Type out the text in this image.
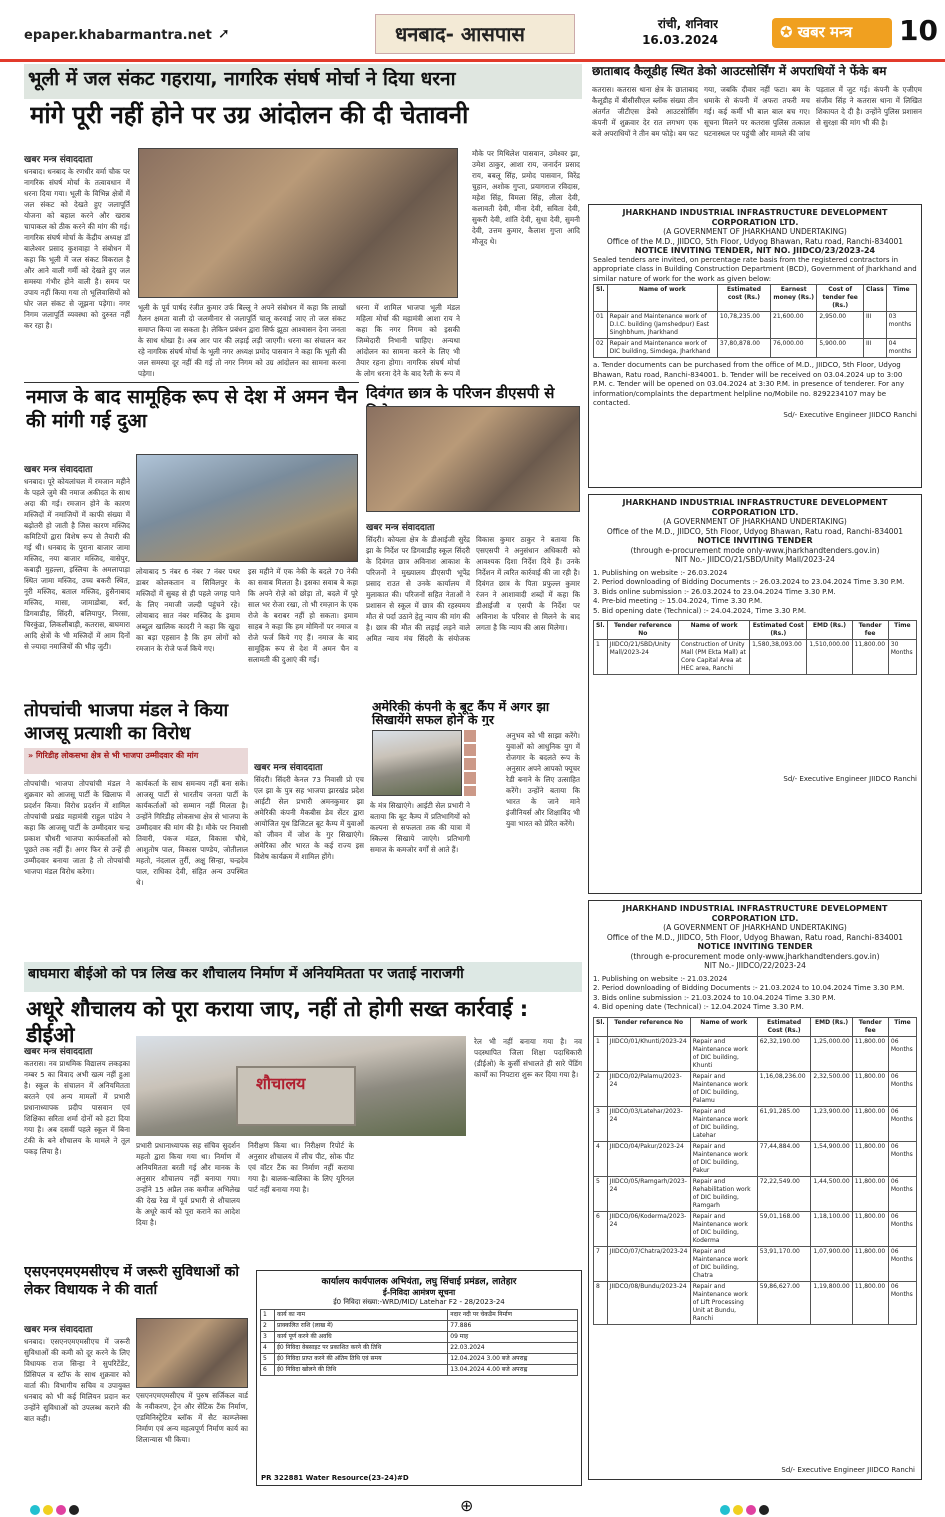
epaper.khabarmantra.net ➚	धनबाद- आसपास	रांची, शनिवार
16.03.2024	✪ खबर मन्त्र	10
भूली में जल संकट गहराया, नागरिक संघर्ष मोर्चा ने दिया धरना
मांगे पूरी नहीं होने पर उग्र आंदोलन की दी चेतावनी
खबर मन्त्र संवाददाता
धनबाद। धनबाद के रणधीर वर्मा चौक पर नागरिक संघर्ष मोर्चा के तत्वावधान में धरना दिया गया। भूली के विभिन्न क्षेत्रों में जल संकट को देखते हुए जलापूर्ति योजना को बहाल करने और खराब चापाकल को ठीक करने की मांग की गई। नागरिक संघर्ष मोर्चा के केंद्रीय अध्यक्ष डॉ बालेश्वर प्रसाद कुशवाहा ने संबोधन में कहा कि भूली में जल संकट विकराल है और आने वाली गर्मी को देखते हुए जल समस्या गंभीर होने वाली है। समय पर उपाय नहीं किया गया तो भूलिवासियों को घोर जल संकट से जूझना पड़ेगा। नगर निगम जलापूर्ति व्यवस्था को दुरुस्त नहीं कर रहा है।
भूली के पूर्व पार्षद रंजीत कुमार उर्फ बिल्लू ने अपने संबोधन में कहा कि लाखों गैलन क्षमता वाली दो जलमीनार से जलापूर्ति चालू करवाई जाए तो जल संकट समाप्त किया जा सकता है। लेकिन प्रबंधन द्वारा सिर्फ झूठा आश्वासन देना जनता के साथ धोखा है। अब आर पार की लड़ाई लड़ी जाएगी। धरना का संचालन कर रहे नागरिक संघर्ष मोर्चा के भूली नगर अध्यक्ष प्रमोद पासवान ने कहा कि भूली की जल समस्या दूर नहीं की गई तो नगर निगम को उग्र आंदोलन का सामना करना पड़ेगा।
धरना में शामिल भाजपा भूली मंडल महिला मोर्चा की महामंत्री आशा राय ने कहा कि नगर निगम को इसकी जिम्मेदारी निभानी चाहिए। अन्यथा आंदोलन का सामना करने के लिए भी तैयार रहना होगा। नागरिक संघर्ष मोर्चा के लोग धरना देने के बाद रैली के रूप में
मौके पर मिथिलेश पासवान, उमेश्वर झा, उमेश ठाकुर, आशा राय, जनार्दन प्रसाद राय, बबलू सिंह, प्रमोद पासवान, विरेंद्र चुहान, अशोक गुप्ता, प्रयागराज रविदास, महेश सिंह, विमला सिंह, लीला देवी, कलावती देवी, मीना देवी, सविता देवी, सुकरी देवी, शांति देवी, सुधा देवी, सुमनी देवी, उत्तम कुमार, कैलाश गुप्ता आदि मौजूद थे।
नमाज के बाद सामूहिक रूप से देश में अमन चैन की मांगी गई दुआ
खबर मन्त्र संवाददाता
धनबाद। पूरे कोयलांचल में रमजान महीने के पहले जुमे की नमाज अकीदत के साथ अदा की गई। रमजान होने के कारण मस्जिदों में नमाजियों में काफी संख्या में बढ़ोतरी हो जाती है जिस कारण मस्जिद कमिटियों द्वारा विशेष रूप से तैयारी की गई थी। धनबाद के पुराना बाजार जामा मस्जिद, नया बाजार मस्जिद, वासेपुर, कबाड़ी मुहल्ला, इस्लिया के अमलापाड़ा स्थित जामा मस्जिद, उच्च बकरी स्थित, नूरी मस्जिद, बताल मस्जिद, हुसैनाबाद मस्जिद, मासा, जामाडोबा, बर्रा, डिगवाडीह, सिंदरी, बलियापुर, निरसा, चिरकुंडा, लिकलीबाड़ी, कतरास, बाघमारा आदि क्षेत्रों के भी मस्जिदों में आम दिनों से ज्यादा नमाजियों की भीड़ जुटी।
लोयाबाद 5 नंबर 6 नंबर 7 नंबर पथर डाबर कोलकतान व सिविलपुर के मस्जिदों में सुबह से ही पहले जगह पाने के लिए नमाजी जल्दी पहुंचने रहे। लोयाबाद सात नंबर मस्जिद के इमाम अब्दुल खालिक कादरी ने कहा कि खुदा का बड़ा एहसान है कि हम लोगों को रमजान के रोजे फर्ज किये गए।
इस महीने में एक नेकी के बदले 70 नेकी का सवाब मिलता है। इसका सवाब बे कहा कि अपने रोज़े को छोड़ा तो, बदले में पूरे साल भर रोजा रखा, तो भी रमज़ान के एक रोजे के बराबर नहीं हो सकता। इमाम साहब ने कहा कि हम मोमिनों पर नमाज व रोजे फर्ज किये गए हैं। नमाज के बाद सामूहिक रूप से देश में अमन चैन व सलामती की दुआएं की गईं।
दिवंगत छात्र के परिजन डीएसपी से
खबर मन्त्र संवाददाता
सिंदरी। कोयला क्षेत्र के डीआईजी सुरेंद्र झा के निर्देश पर डिगवाडीह स्कूल सिंदरी के दिवंगत छात्र अविनाश आकाश के परिजनों ने मुख्यालय डीएसपी भूपेंद्र प्रसाद राउत से उनके कार्यालय में मुलाकात की। परिजनों सहित नेताओं ने प्रशासन से स्कूल में छात्र की रहस्यमय मौत से पर्दा उठाने हेतु न्याय की मांग की है। छात्र की मौत की लड़ाई लड़ने वाले अमित न्याय मंच सिंदरी के संयोजक विकास कुमार ठाकुर ने बताया कि एसएसपी ने अनुसंधान अधिकारी को आवश्यक दिशा निर्देश दिये हैं। उनके निर्देशन में त्वरित कार्रवाई की जा रही है। दिवंगत छात्र के पिता प्रफुल्ल कुमार रंजन ने आशावादी शब्दों में कहा कि डीआईजी व एसपी के निर्देश पर अविनाश के परिवार से मिलने के बाद लगता है कि न्याय की आस मिलेगा।
तोपचांची भाजपा मंडल ने किया आजसू प्रत्याशी का विरोध
» गिरिडीह लोकसभा क्षेत्र से भी भाजपा उम्मीदवार की मांग
तोपचांची। भाजपा तोपचांची मंडल ने शुक्रवार को आजसू पार्टी के खिलाफ में प्रदर्शन किया। विरोध प्रदर्शन में शामिल तोपचांची प्रखंड महामंत्री राहुल पांडेय ने कहा कि आजसू पार्टी के उम्मीदवार चन्द्र प्रकाश चौधरी भाजपा कार्यकर्ताओं को पूछते तक नहीं हैं। अगर फिर से उन्हें ही उम्मीदवार बनाया जाता है तो तोपचांची भाजपा मंडल विरोध करेगा।
कार्यकर्ता के साथ समन्वय नहीं बना सके। आजसू पार्टी से भारतीय जनता पार्टी के कार्यकर्ताओं को सम्मान नहीं मिलता है। उन्होंने गिरिडीह लोकसभा क्षेत्र से भाजपा के उम्मीदवार की मांग की है। मौके पर निवासी तिवारी, पंकज मंडल, विकास चौधे, आशुतोष पाल, विकास पाण्डेय, जोतीलाल महतो, नंदलाल तुर्री, अक्षु सिन्हा, चन्द्रदेव पाल, राधिका देवी, संहित अन्य उपस्थित थे।
अमेरिकी कंपनी के बूट कैंप में अगर झा सिखायेंगे सफल होने के गुर
खबर मन्त्र संवाददाता
सिंदरी। सिंदरी केनल 73 निवासी प्रो एच एल झा के पुत्र सह भाजपा झारखंड प्रदेश आईटी सेल प्रभारी अमनकुमार झा अमेरिकी कंपनी मैकबीस डेव सेंटर द्वारा आयोजित यूथ डिजिटल बूट कैम्प में युवाओं को जीवन में जोश के गुर सिखाएंगे। अमेरिका और भारत के कई राज्य इस विशेष कार्यक्रम में शामिल होंगे।
के मंत्र सिखाएंगे। आईटी सेल प्रभारी ने बताया कि बूट कैम्प में प्रतिभागियों को कल्पना से सफलता तक की यात्रा में स्किल्स सिखाये जाएंगे। प्रतिभागी समाज के कमजोर वर्गों से आते हैं।
अनुभव को भी साझा करेंगे। युवाओं को आधुनिक युग में रोजगार के बदलते रूप के अनुसार अपने आपको फ्यूचर रेडी बनाने के लिए उत्साहित करेंगे। उन्होंने बताया कि भारत के जाने माने इंजीनियर्स और शिक्षाविद भी युवा भारत को प्रेरित करेंगे।
बाघमारा बीईओ को पत्र लिख कर शौचालय निर्माण में अनियमितता पर जताई नाराजगी
अधूरे शौचालय को पूरा कराया जाए, नहीं तो होगी सख्त कार्रवाई : डीईओ
खबर मन्त्र संवाददाता
कतरास। नव प्राथमिक विद्यालय लकड़का नम्बर 5 का विवाद अभी खत्म नहीं हुआ है। स्कूल के संचालन में अनियमितता बरतने एवं अन्य मामलों में प्रभारी प्रधानाध्यापक प्रदीप पासवान एवं शिक्षिका सरिता शर्मा दोनों को हटा दिया गया है। अब दसवीं पहले स्कूल में बिना टंकी के बने शौचालय के मामले ने तूल पकड़ लिया है।
शौचालय
प्रभारी प्रधानाध्यापक सह संचिव सुदर्शन महतो द्वारा किया गया था। निर्माण में अनियमितता बरती गई और मानक के अनुसार शौचालय नहीं बनाया गया। उन्होंने 15 अप्रैल तक कमीज अभिलेख की देख रेख में पूर्व प्रभारी से शौचालय के अधूरे कार्य को पूरा कराने का आदेश दिया है।
निरीक्षण किया था। निरीक्षण रिपोर्ट के अनुसार शौचालय में लीच पीट, सोक पीट एवं वॉटर टैंक का निर्माण नहीं कराया गया है। बालक-बालिका के लिए यूरिनल पार्ट नहीं बनाया गया है।
रेल भी नहीं बनाया गया है। नव पदस्थापित जिला शिक्षा पदाधिकारी (डीईओ) के कुर्सी संभालते ही सारे पेंडिंग कार्यों का निपटारा शुरू कर दिया गया है।
एसएनएमएमसीएच में जरूरी सुविधाओं को लेकर विधायक ने की वार्ता
खबर मन्त्र संवाददाता
धनबाद। एसएनएमएमसीएच में जरूरी सुविधाओं की कमी को दूर करने के लिए विधायक राज सिन्हा ने सुपरिटेंडेंट, प्रिंसिपल व स्टॉफ के साथ शुक्रवार को वार्ता की। विभागीय सचिव व उपायुक्त धनबाद को भी कई मिलियन प्रदान कर उन्होंने सुविधाओं को उपलब्ध कराने की बात कही।
एसएनएमएमसीएच में पुरुष सर्जिकल वार्ड के नवीकरण, ट्रेन और सेंटिक टैंक निर्माण, एडमिनिस्ट्रेटिव ब्लॉक में सैट काम्प्लेक्स निर्माण एवं अन्य महत्वपूर्ण निर्माण कार्य का शिलान्यास भी किया।
कार्यालय कार्यपालक अभियंता, लघु सिंचाई प्रमंडल, लातेहार
ई-निविदा आमंत्रण सूचना
ई0 निविदा संख्या:-WRD/MID/ Latehar F2 - 28/2023-24
1	कार्य का नाम	नदार नदी पर चेकडैम निर्माण
2	प्राक्कलित राशि (लाख में)	77.886
3	कार्य पूर्ण करने की अवधि	09 माह
4	ई0 निविदा वेबसाइट पर प्रकाशित करने की तिथि	22.03.2024
5	ई0 निविदा प्राप्त करने की अंतिम तिथि एवं समय	12.04.2024 3.00 बजे अपराह्न
6	ई0 निविदा खोलने की तिथि	13.04.2024 4.00 बजे अपराह्न
PR 322881 Water Resource(23-24)#D
छाताबाद कैलूडीह स्थित डेको आउटसोर्सिंग में अपराधियों ने फेंके बम
कतरास। कतरास थाना क्षेत्र के छाताबाद कैलूडीह में बीसीसीएल ब्लॉक संख्या तीन अंतर्गत जीटीएस डेको आउटसोर्सिंग कंपनी में शुक्रवार देर रात लगभग एक बजे अपराधियों ने तीन बम फोड़े। बम फट गया, जबकि दीवार नहीं फटा। बम के धमाके से कंपनी में अफरा तफरी मच गई। कई कर्मी भी बाल बाल बच गए। सूचना मिलने पर कतरास पुलिस तत्काल घटनास्थल पर पहुंची और मामले की जांच पड़ताल में जुट गई। कंपनी के एजीएम संजीव सिंह ने कतरास थाना में लिखित शिकायत दे दी है। उन्होंने पुलिस प्रशासन से सुरक्षा की मांग भी की है।
JHARKHAND INDUSTRIAL INFRASTRUCTURE DEVELOPMENT CORPORATION LTD.
(A GOVERNMENT OF JHARKHAND UNDERTAKING)
Office of the M.D., JIIDCO, 5th Floor, Udyog Bhawan, Ratu road, Ranchi-834001
NOTICE INVITING TENDER, NIT NO. JIIDCO/23/2023-24
Sealed tenders are invited, on percentage rate basis from the registered contractors in appropriate class in Building Construction Department (BCD), Government of Jharkhand and similar nature of work for the work as given below:
Sl.	Name of work	Estimated cost (Rs.)	Earnest money (Rs.)	Cost of tender fee (Rs.)	Class	Time
01	Repair and Maintenance work of D.I.C. building (Jamshedpur) East Singhbhum, Jharkhand	10,78,235.00	21,600.00	2,950.00	III	03 months
02	Repair and Maintenance work of DIC building, Simdega, Jharkhand	37,80,878.00	76,000.00	5,900.00	III	04 months
a. Tender documents can be purchased from the office of M.D., JIIDCO, 5th Floor, Udyog Bhawan, Ratu road, Ranchi-834001. b. Tender will be received on 03.04.2024 up to 3:00 P.M. c. Tender will be opened on 03.04.2024 at 3:30 P.M. in presence of tenderer. For any information/complaints the department helpline no/Mobile no. 8292234107 may be contacted.
Sd/- Executive Engineer JIIDCO Ranchi
JHARKHAND INDUSTRIAL INFRASTRUCTURE DEVELOPMENT CORPORATION LTD.
(A GOVERNMENT OF JHARKHAND UNDERTAKING)
Office of the M.D., JIIDCO, 5th Floor, Udyog Bhawan, Ratu road, Ranchi-834001
NOTICE INVITING TENDER
(through e-procurement mode only-www.jharkhandtenders.gov.in)
NIT No.- JIIDCO/21/SBD/Unity Mall/2023-24
1. Publishing on website :- 26.03.2024
2. Period downloading of Bidding Documents :- 26.03.2024 to 23.04.2024 Time 3.30 P.M.
3. Bids online submission :- 26.03.2024 to 23.04.2024 Time 3.30 P.M.
4. Pre-bid meeting :- 15.04.2024, Time 3.30 P.M.
5. Bid opening date (Technical) :- 24.04.2024, Time 3.30 P.M.
Sl.	Tender reference No	Name of work	Estimated Cost (Rs.)	EMD (Rs.)	Tender fee	Time
1	JIIDCO/21/SBD/Unity Mall/2023-24	Construction of Unity Mall (PM Ekta Mall) at Core Capital Area at HEC area, Ranchi	1,580,38,093.00	1,510,000.00	11,800.00	30 Months
Sd/- Executive Engineer JIIDCO Ranchi
JHARKHAND INDUSTRIAL INFRASTRUCTURE DEVELOPMENT CORPORATION LTD.
(A GOVERNMENT OF JHARKHAND UNDERTAKING)
Office of the M.D., JIIDCO, 5th Floor, Udyog Bhawan, Ratu road, Ranchi-834001
NOTICE INVITING TENDER
(through e-procurement mode only-www.jharkhandtenders.gov.in)
NIT No.- JIIDCO/22/2023-24
1. Publishing on website :- 21.03.2024
2. Period downloading of Bidding Documents :- 21.03.2024 to 10.04.2024 Time 3.30 P.M.
3. Bids online submission :- 21.03.2024 to 10.04.2024 Time 3.30 P.M.
4. Bid opening date (Technical) :- 12.04.2024 Time 3.30 P.M.
Sl.	Tender reference No	Name of work	Estimated Cost (Rs.)	EMD (Rs.)	Tender fee	Time
1	JIIDCO/01/Khunti/2023-24	Repair and Maintenance work of DIC building, Khunti	62,32,190.00	1,25,000.00	11,800.00	06 Months
2	JIIDCO/02/Palamu/2023-24	Repair and Maintenance work of DIC building, Palamu	1,16,08,236.00	2,32,500.00	11,800.00	06 Months
3	JIIDCO/03/Latehar/2023-24	Repair and Maintenance work of DIC building, Latehar	61,91,285.00	1,23,900.00	11,800.00	06 Months
4	JIIDCO/04/Pakur/2023-24	Repair and Maintenance work of DIC building, Pakur	77,44,884.00	1,54,900.00	11,800.00	06 Months
5	JIIDCO/05/Ramgarh/2023-24	Repair and Rehabilitation work of DIC building, Ramgarh	72,22,549.00	1,44,500.00	11,800.00	06 Months
6	JIIDCO/06/Koderma/2023-24	Repair and Maintenance work of DIC building, Koderma	59,01,168.00	1,18,100.00	11,800.00	06 Months
7	JIIDCO/07/Chatra/2023-24	Repair and Maintenance work of DIC building, Chatra	53,91,170.00	1,07,900.00	11,800.00	06 Months
8	JIIDCO/08/Bundu/2023-24	Repair and Maintenance work of Lift Processing Unit at Bundu, Ranchi	59,86,627.00	1,19,800.00	11,800.00	06 Months
Sd/- Executive Engineer JIIDCO Ranchi
⊕
